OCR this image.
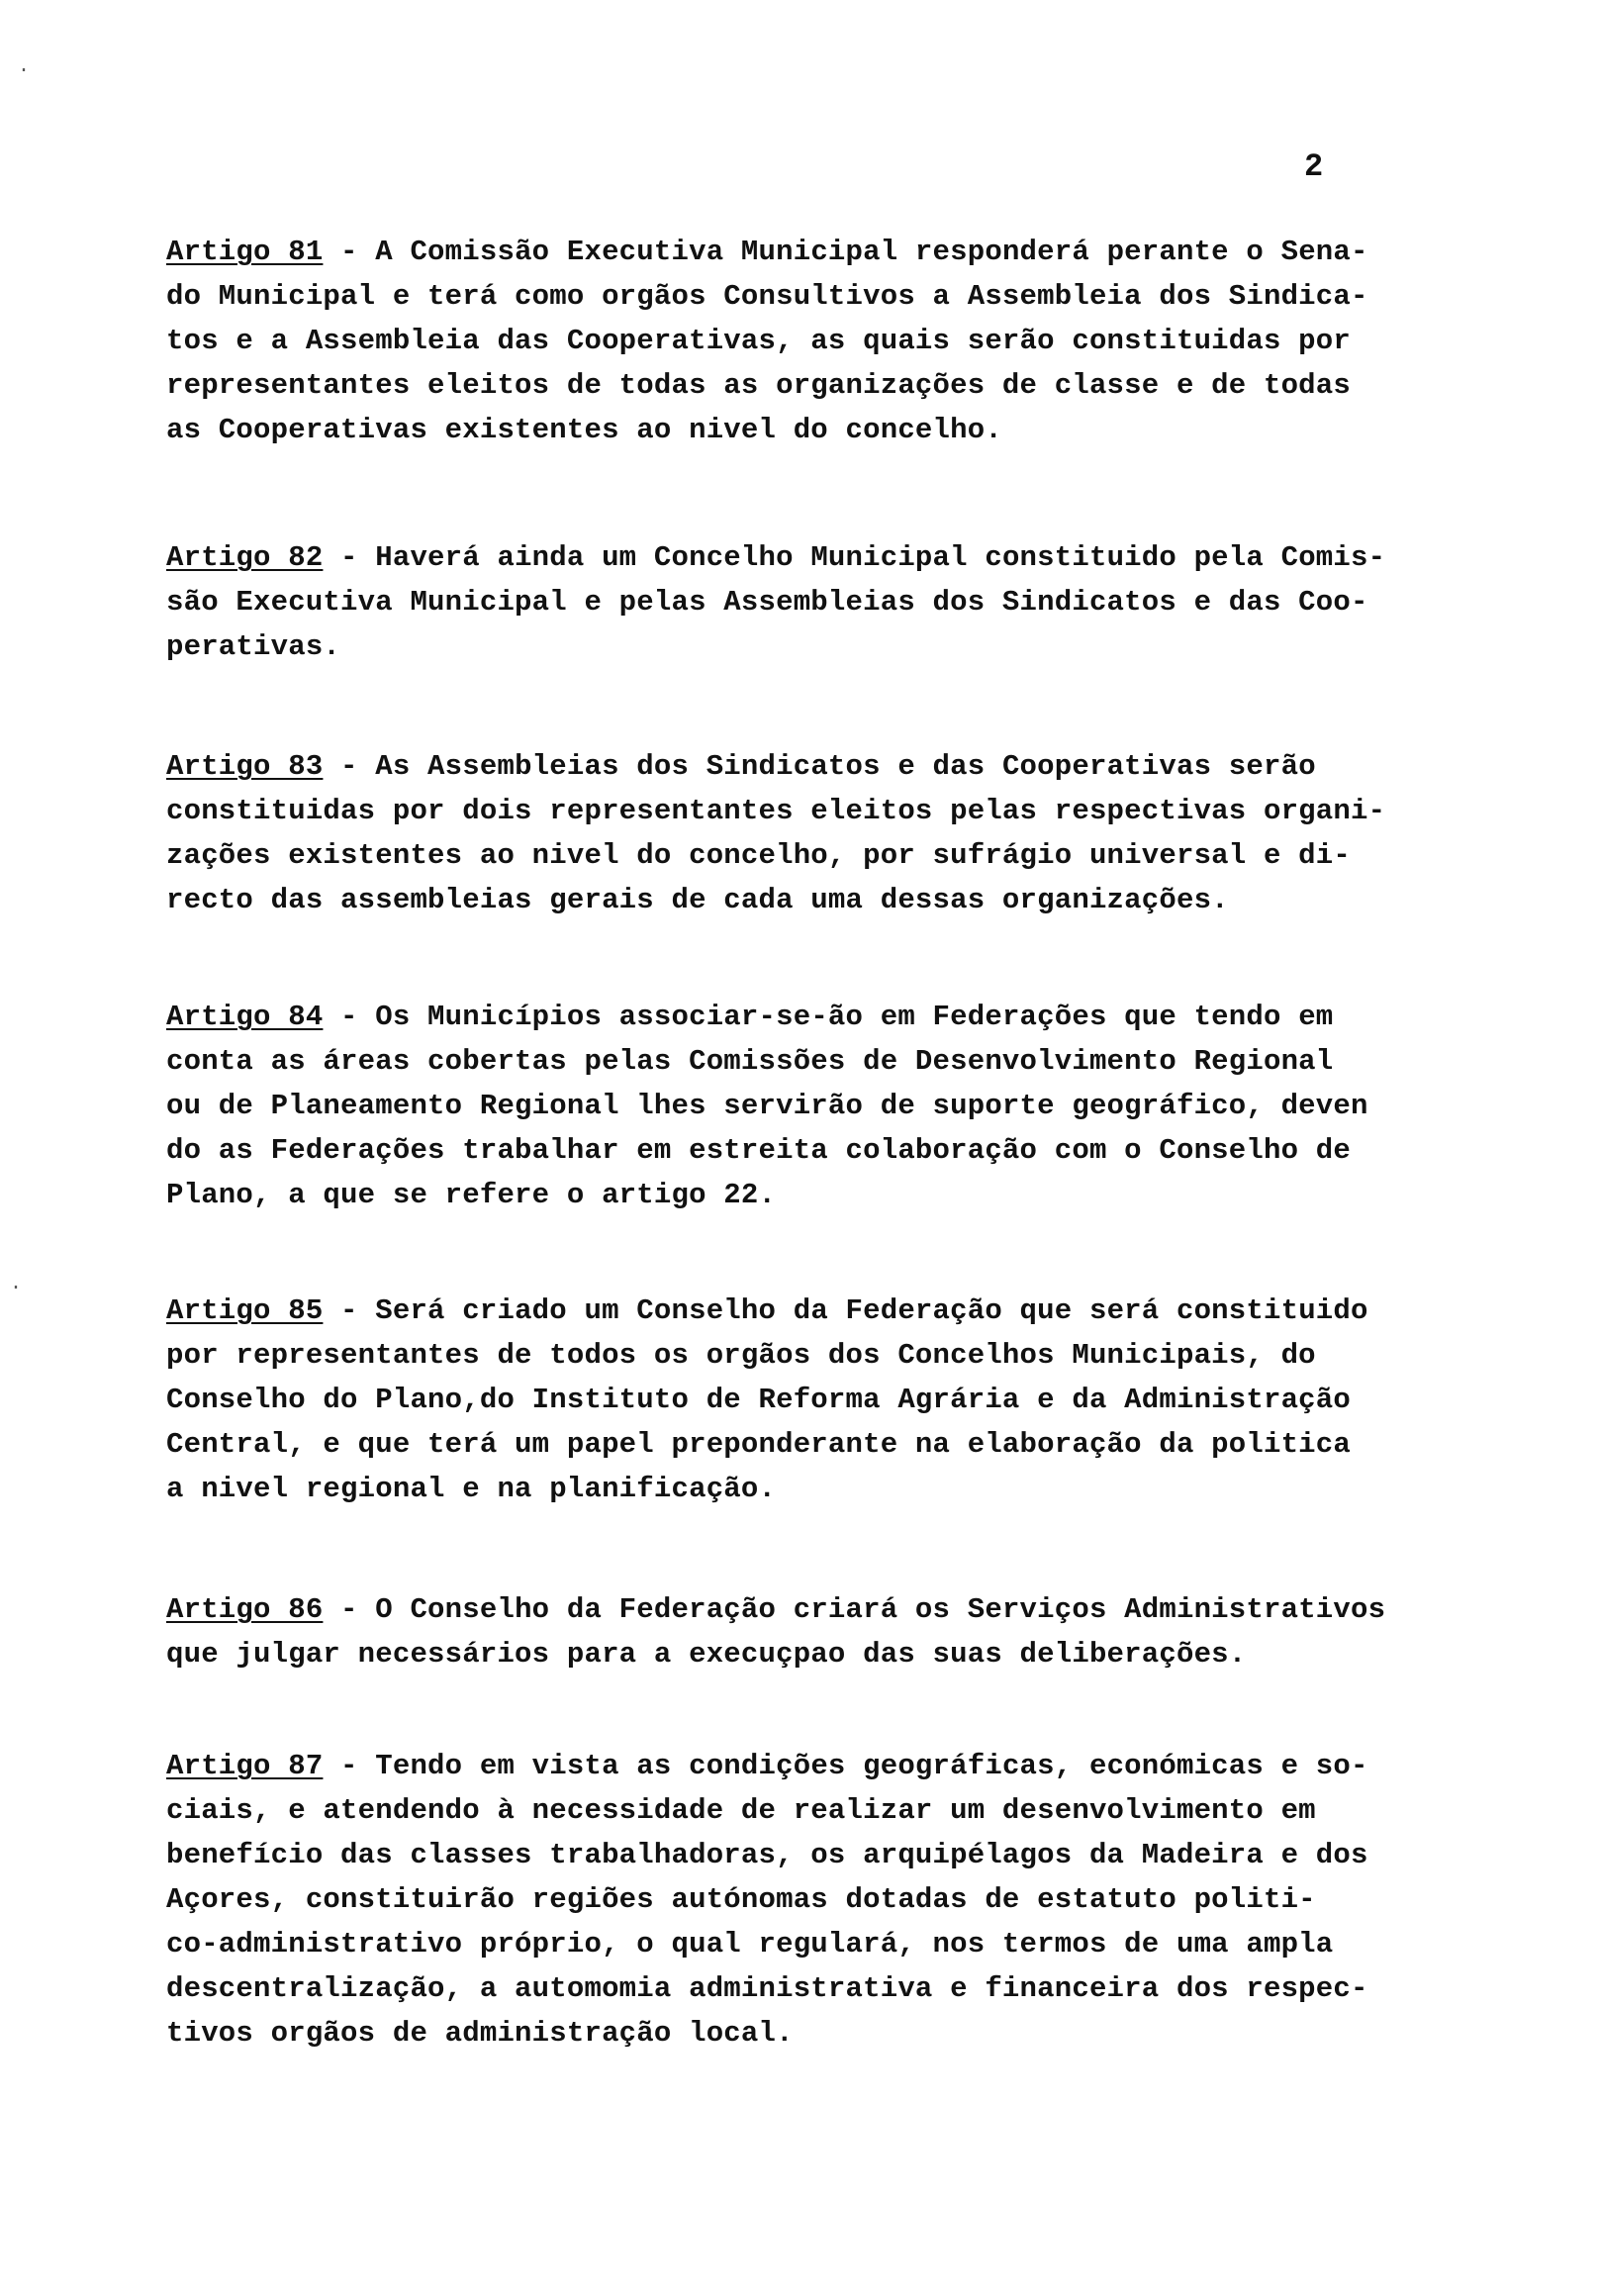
2
·
·
Artigo 81 - A Comissão Executiva Municipal responderá perante o Sena-
do Municipal e terá como orgãos Consultivos a Assembleia dos Sindica-
tos e a Assembleia das Cooperativas, as quais serão constituidas por
representantes eleitos de todas as organizações de classe e de todas
as Cooperativas existentes ao nivel do concelho.
Artigo 82 - Haverá ainda um Concelho Municipal constituido pela Comis-
são Executiva Municipal e pelas Assembleias dos Sindicatos e das Coo-
perativas.
Artigo 83 - As Assembleias dos Sindicatos e das Cooperativas serão
constituidas por dois representantes eleitos pelas respectivas organi-
zações existentes ao nivel do concelho, por sufrágio universal e di-
recto das assembleias gerais de cada uma dessas organizações.
Artigo 84 - Os Municípios associar-se-ão em Federações que tendo em
conta as áreas cobertas pelas Comissões de Desenvolvimento Regional
ou de Planeamento Regional lhes servirão de suporte geográfico, deven
do as Federações trabalhar em estreita colaboração com o Conselho de
Plano, a que se refere o artigo 22.
Artigo 85 - Será criado um Conselho da Federação que será constituido
por representantes de todos os orgãos dos Concelhos Municipais, do
Conselho do Plano,do Instituto de Reforma Agrária e da Administração
Central, e que terá um papel preponderante na elaboração da politica
a nivel regional e na planificação.
Artigo 86 - O Conselho da Federação criará os Serviços Administrativos
que julgar necessários para a execuçpao das suas deliberações.
Artigo 87 - Tendo em vista as condições geográficas, económicas e so-
ciais, e atendendo à necessidade de realizar um desenvolvimento em
benefício das classes trabalhadoras, os arquipélagos da Madeira e dos
Açores, constituirão regiões autónomas dotadas de estatuto politi-
co-administrativo próprio, o qual regulará, nos termos de uma ampla
descentralização, a automomia administrativa e financeira dos respec-
tivos orgãos de administração local.
